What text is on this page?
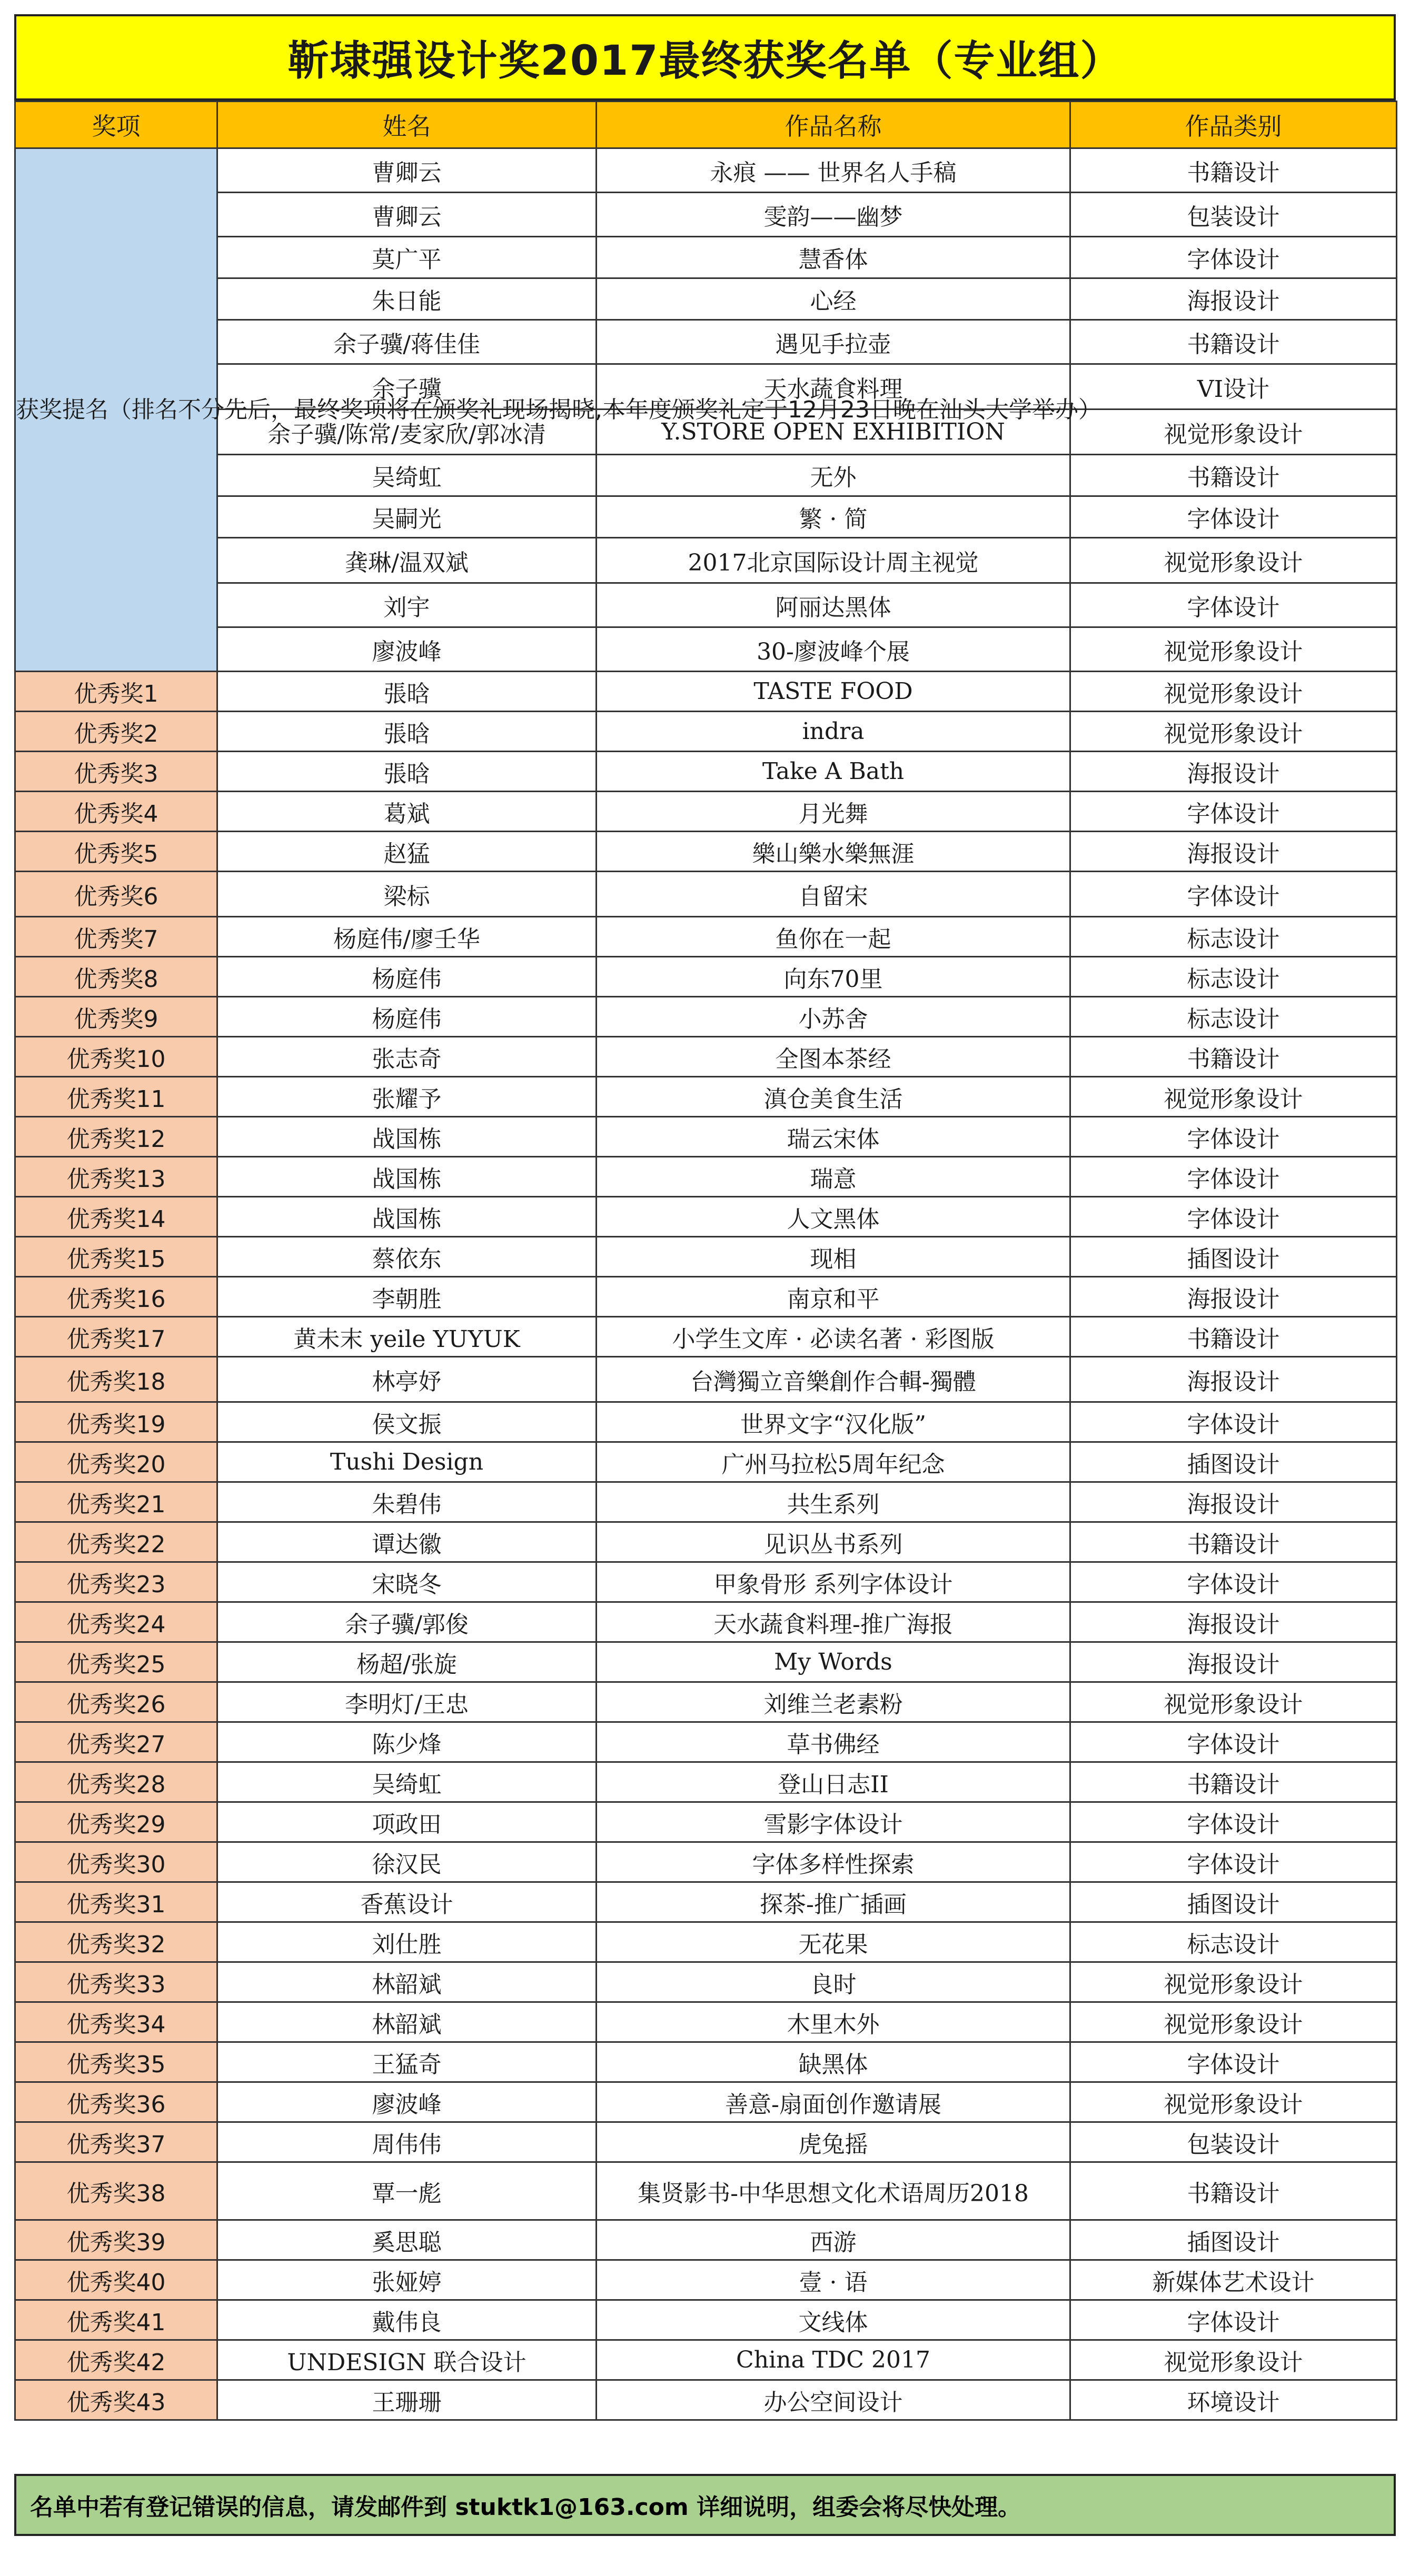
靳埭强设计奖2017最终获奖名单（专业组）
奖项	姓名	作品名称	作品类别
获奖提名（排名不分先后，最终奖项将在颁奖礼现场揭晓,本年度颁奖礼定于12月23日晚在汕头大学举办）	曹卿云	永痕 —— 世界名人手稿	书籍设计
	曹卿云	雯韵——幽梦	包装设计
	莫广平	慧香体	字体设计
	朱日能	心经	海报设计
	余子骥/蒋佳佳	遇见手拉壶	书籍设计
	余子骥	天水蔬食料理	VI设计
	余子骥/陈常/麦家欣/郭冰清	Y.STORE OPEN EXHIBITION	视觉形象设计
	吴绮虹	无外	书籍设计
	吴嗣光	繁 · 简	字体设计
	龚琳/温双斌	2017北京国际设计周主视觉	视觉形象设计
	刘宇	阿丽达黑体	字体设计
	廖波峰	30-廖波峰个展	视觉形象设计
优秀奖1	張晗	TASTE FOOD	视觉形象设计
优秀奖2	張晗	indra	视觉形象设计
优秀奖3	張晗	Take A Bath	海报设计
优秀奖4	葛斌	月光舞	字体设计
优秀奖5	赵猛	樂山樂水樂無涯	海报设计
优秀奖6	梁标	自留宋	字体设计
优秀奖7	杨庭伟/廖壬华	鱼你在一起	标志设计
优秀奖8	杨庭伟	向东70里	标志设计
优秀奖9	杨庭伟	小苏舍	标志设计
优秀奖10	张志奇	全图本茶经	书籍设计
优秀奖11	张耀予	滇仓美食生活	视觉形象设计
优秀奖12	战国栋	瑞云宋体	字体设计
优秀奖13	战国栋	瑞意	字体设计
优秀奖14	战国栋	人文黑体	字体设计
优秀奖15	蔡依东	现相	插图设计
优秀奖16	李朝胜	南京和平	海报设计
优秀奖17	黄未末 yeile YUYUK	小学生文库 · 必读名著 · 彩图版	书籍设计
优秀奖18	林亭妤	台灣獨立音樂創作合輯-獨體	海报设计
优秀奖19	侯文振	世界文字“汉化版”	字体设计
优秀奖20	Tushi Design	广州马拉松5周年纪念	插图设计
优秀奖21	朱碧伟	共生系列	海报设计
优秀奖22	谭达徽	见识丛书系列	书籍设计
优秀奖23	宋晓冬	甲象骨形 系列字体设计	字体设计
优秀奖24	余子骥/郭俊	天水蔬食料理-推广海报	海报设计
优秀奖25	杨超/张旋	My Words	海报设计
优秀奖26	李明灯/王忠	刘维兰老素粉	视觉形象设计
优秀奖27	陈少烽	草书佛经	字体设计
优秀奖28	吴绮虹	登山日志II	书籍设计
优秀奖29	项政田	雪影字体设计	字体设计
优秀奖30	徐汉民	字体多样性探索	字体设计
优秀奖31	香蕉设计	探茶-推广插画	插图设计
优秀奖32	刘仕胜	无花果	标志设计
优秀奖33	林韶斌	良时	视觉形象设计
优秀奖34	林韶斌	木里木外	视觉形象设计
优秀奖35	王猛奇	缺黑体	字体设计
优秀奖36	廖波峰	善意-扇面创作邀请展	视觉形象设计
优秀奖37	周伟伟	虎兔摇	包装设计
优秀奖38	覃一彪	集贤影书-中华思想文化术语周历2018	书籍设计
优秀奖39	奚思聪	西游	插图设计
优秀奖40	张娅婷	壹 · 语	新媒体艺术设计
优秀奖41	戴伟良	文线体	字体设计
优秀奖42	UNDESIGN 联合设计	China TDC 2017	视觉形象设计
优秀奖43	王珊珊	办公空间设计	环境设计
名单中若有登记错误的信息，请发邮件到 stuktk1@163.com 详细说明，组委会将尽快处理。
